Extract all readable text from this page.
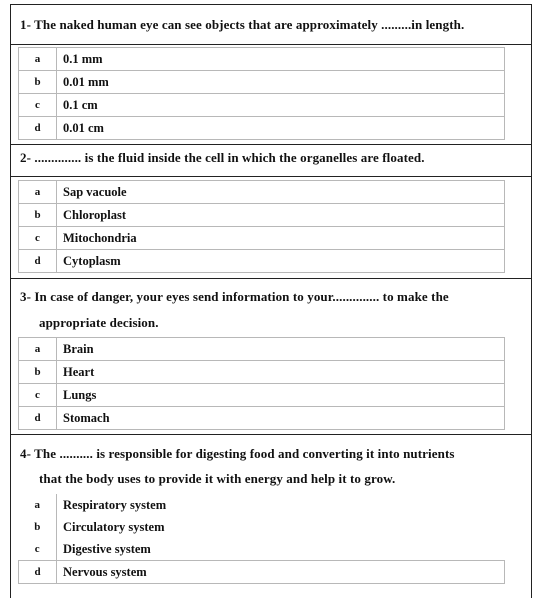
1- The naked human eye can see objects that are approximately .........in length.
a	0.1 mm
b	0.01 mm
c	0.1 cm
d	0.01 cm
2- .............. is the fluid inside the cell in which the organelles are floated.
a	Sap vacuole
b	Chloroplast
c	Mitochondria
d	Cytoplasm
3- In case of danger, your eyes send information to your.............. to make the
appropriate decision.
a	Brain
b	Heart
c	Lungs
d	Stomach
4- The .......... is responsible for digesting food and converting it into nutrients
that the body uses to provide it with energy and help it to grow.
a	Respiratory system
b	Circulatory system
c	Digestive system
d	Nervous system
